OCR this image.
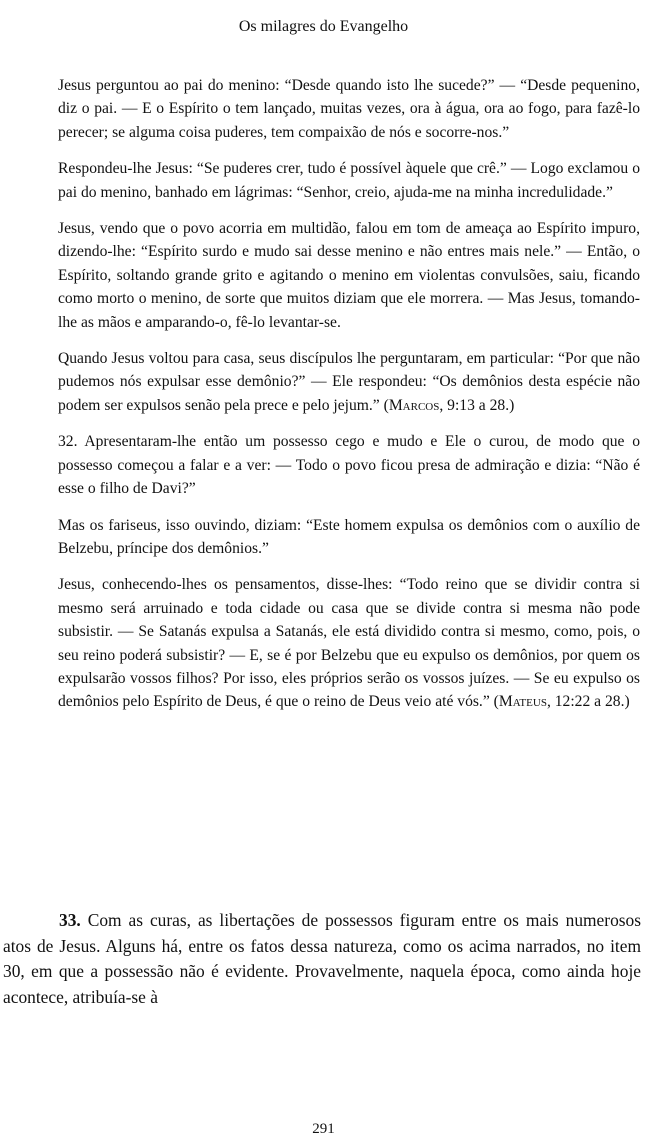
Os milagres do Evangelho

Jesus perguntou ao pai do menino: “Desde quando isto lhe sucede?” — “Desde pequenino, diz o pai. — E o Espírito o tem lançado, muitas vezes, ora à água, ora ao fogo, para fazê-lo perecer; se alguma coisa puderes, tem compaixão de nós e socorre-nos.”

Respondeu-lhe Jesus: “Se puderes crer, tudo é possível àquele que crê.” — Logo exclamou o pai do menino, banhado em lágrimas: “Senhor, creio, ajuda-me na minha incredulidade.”

Jesus, vendo que o povo acorria em multidão, falou em tom de ameaça ao Espírito impuro, dizendo-lhe: “Espírito surdo e mudo sai desse menino e não entres mais nele.” — Então, o Espírito, soltando grande grito e agitando o menino em violentas convulsões, saiu, ficando como morto o menino, de sorte que muitos diziam que ele morrera. — Mas Jesus, tomando-lhe as mãos e amparando-o, fê-lo levantar-se.

Quando Jesus voltou para casa, seus discípulos lhe perguntaram, em particular: “Por que não pudemos nós expulsar esse demônio?” — Ele respondeu: “Os demônios desta espécie não podem ser expulsos senão pela prece e pelo jejum.” (Marcos, 9:13 a 28.)

32. Apresentaram-lhe então um possesso cego e mudo e Ele o curou, de modo que o possesso começou a falar e a ver: — Todo o povo ficou presa de admiração e dizia: “Não é esse o filho de Davi?”

Mas os fariseus, isso ouvindo, diziam: “Este homem expulsa os demônios com o auxílio de Belzebu, príncipe dos demônios.”

Jesus, conhecendo-lhes os pensamentos, disse-lhes: “Todo reino que se dividir contra si mesmo será arruinado e toda cidade ou casa que se divide contra si mesma não pode subsistir. — Se Satanás expulsa a Satanás, ele está dividido contra si mesmo, como, pois, o seu reino poderá subsistir? — E, se é por Belzebu que eu expulso os demônios, por quem os expulsarão vossos filhos? Por isso, eles próprios serão os vossos juízes. — Se eu expulso os demônios pelo Espírito de Deus, é que o reino de Deus veio até vós.” (Mateus, 12:22 a 28.)

33. Com as curas, as libertações de possessos figuram entre os mais numerosos atos de Jesus. Alguns há, entre os fatos dessa natureza, como os acima narrados, no item 30, em que a possessão não é evidente. Provavelmente, naquela época, como ainda hoje acontece, atribuía-se à

291
